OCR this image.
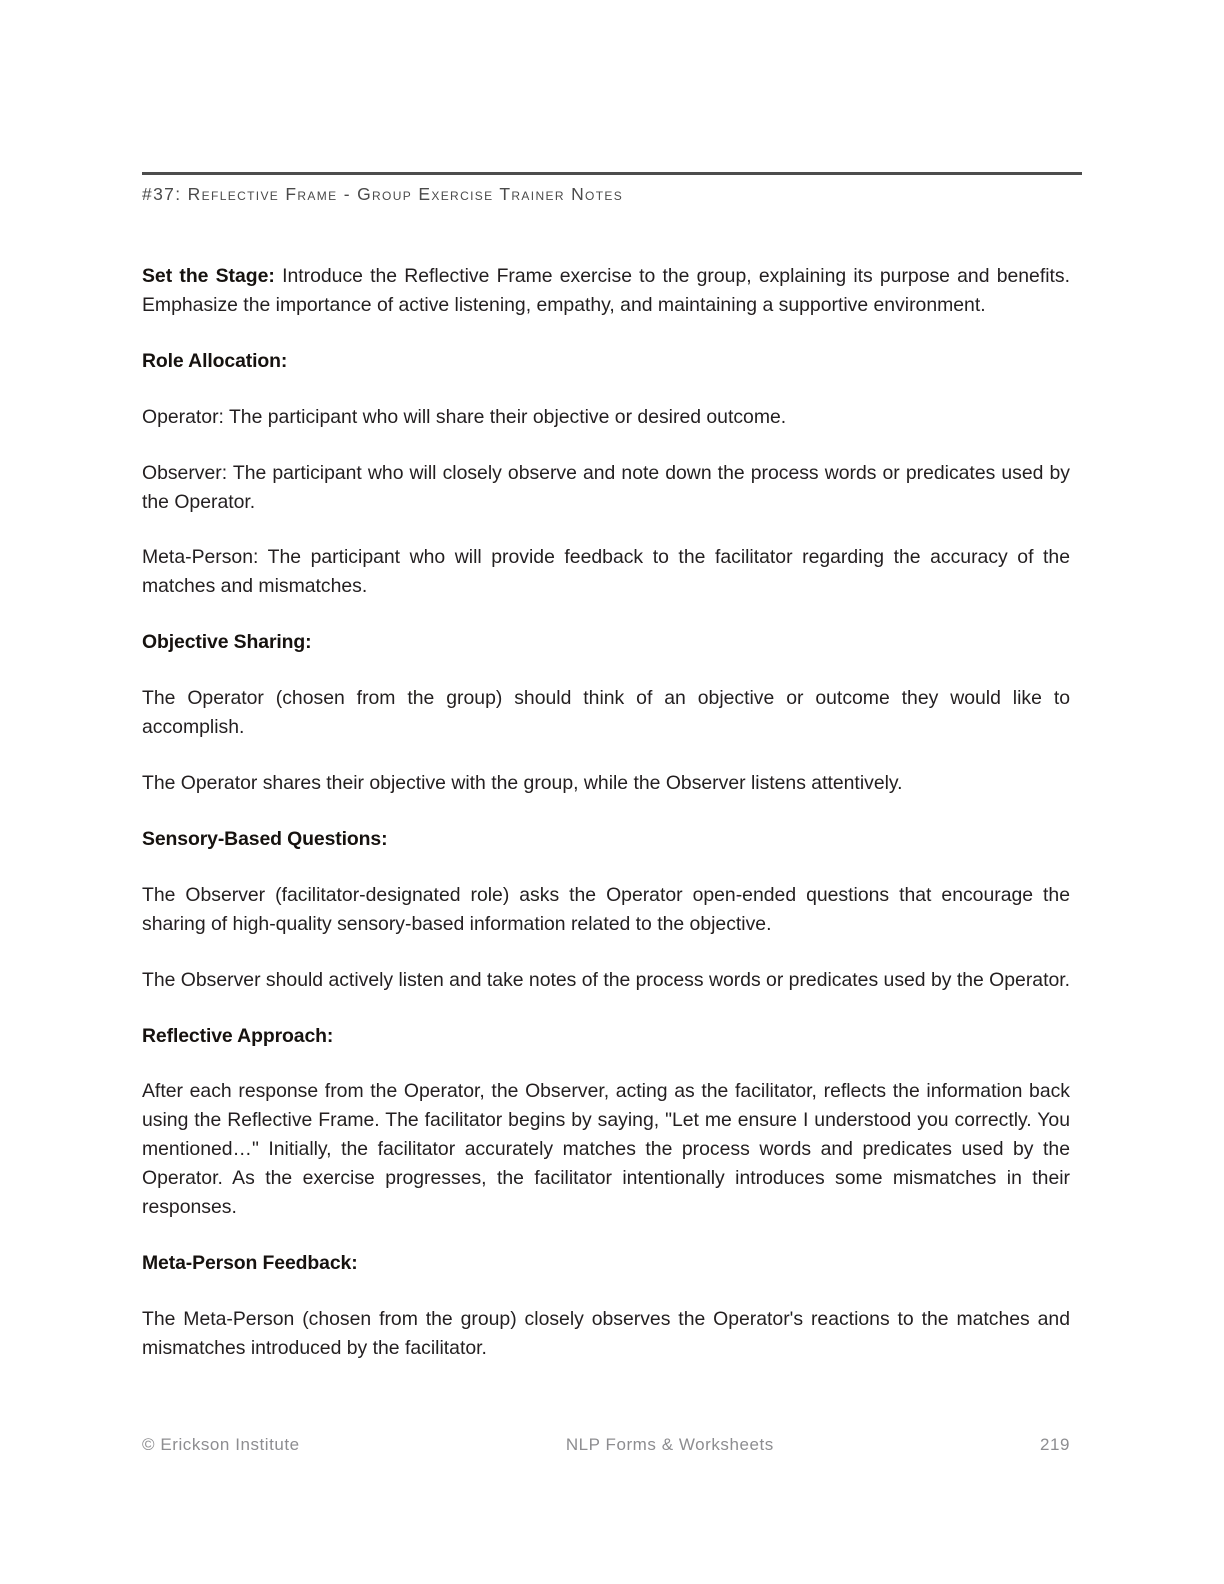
#37: Reflective Frame - Group Exercise Trainer Notes

Set the Stage: Introduce the Reflective Frame exercise to the group, explaining its purpose and benefits. Emphasize the importance of active listening, empathy, and maintaining a supportive environment.

Role Allocation:

Operator: The participant who will share their objective or desired outcome.

Observer: The participant who will closely observe and note down the process words or predicates used by the Operator.

Meta-Person: The participant who will provide feedback to the facilitator regarding the accuracy of the matches and mismatches.

Objective Sharing:

The Operator (chosen from the group) should think of an objective or outcome they would like to accomplish.

The Operator shares their objective with the group, while the Observer listens attentively.

Sensory-Based Questions:

The Observer (facilitator-designated role) asks the Operator open-ended questions that encourage the sharing of high-quality sensory-based information related to the objective.

The Observer should actively listen and take notes of the process words or predicates used by the Operator.

Reflective Approach:

After each response from the Operator, the Observer, acting as the facilitator, reflects the information back using the Reflective Frame. The facilitator begins by saying, "Let me ensure I understood you correctly. You mentioned…" Initially, the facilitator accurately matches the process words and predicates used by the Operator. As the exercise progresses, the facilitator intentionally introduces some mismatches in their responses.

Meta-Person Feedback:

The Meta-Person (chosen from the group) closely observes the Operator's reactions to the matches and mismatches introduced by the facilitator.

© Erickson Institute	NLP Forms & Worksheets	219
